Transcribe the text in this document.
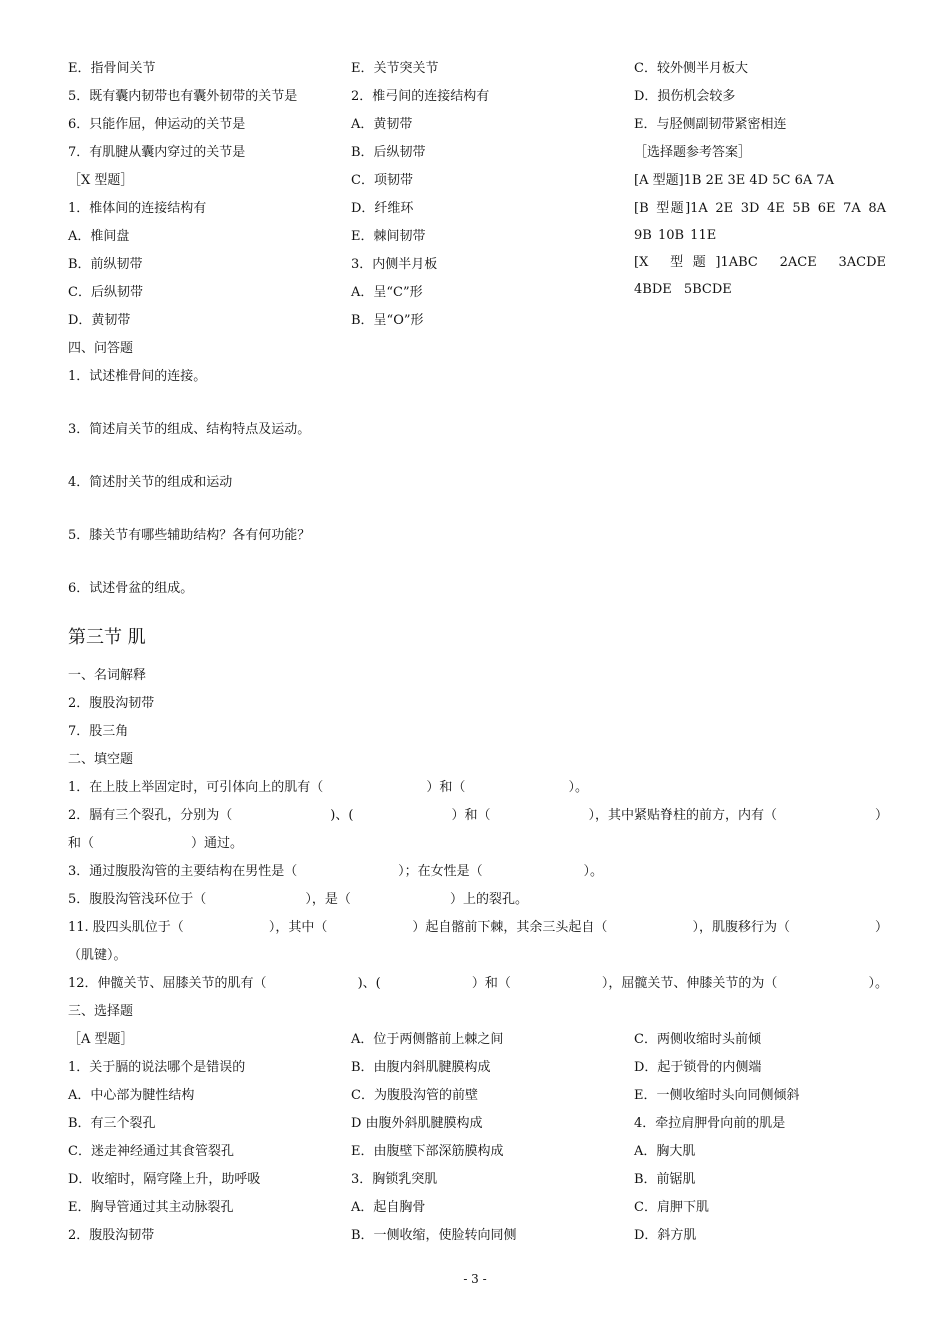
E．指骨间关节
5．既有囊内韧带也有囊外韧带的关节是
6．只能作屈，伸运动的关节是
7．有肌腱从囊内穿过的关节是
［X 型题］
1．椎体间的连接结构有
A．椎间盘
B．前纵韧带
C．后纵韧带
D．黄韧带
E．关节突关节
2．椎弓间的连接结构有
A．黄韧带
B．后纵韧带
C．项韧带
D．纤维环
E．棘间韧带
3．内侧半月板
A．呈“C”形
B．呈“O”形
C．较外侧半月板大
D．损伤机会较多
E．与胫侧副韧带紧密相连
［选择题参考答案］
[A 型题]1B 2E 3E 4D 5C 6A 7A
[B 型题]1A 2E 3D 4E 5B 6E 7A 8A 9B 10B 11E
[X 型题]1ABC 2ACE 3ACDE 4BDE 5BCDE
四、问答题
1．试述椎骨间的连接。
3．简述肩关节的组成、结构特点及运动。
4．简述肘关节的组成和运动
5．膝关节有哪些辅助结构？各有何功能？
6．试述骨盆的组成。
第三节 肌
一、名词解释
2．腹股沟韧带
7．股三角
二、填空题
1．在上肢上举固定时，可引体向上的肌有（	）和（	）。
2．膈有三个裂孔，分别为（	)、(	）和（	），其中紧贴脊柱的前方，内有（	）
和（	）通过。
3．通过腹股沟管的主要结构在男性是（	）；在女性是（	）。
5．腹股沟管浅环位于（	），是（	）上的裂孔。
11. 股四头肌位于（	），其中（	）起自髂前下棘，其余三头起自（	），肌腹移行为（	）
（肌键）。
12．伸髋关节、屈膝关节的肌有（	)、(	）和（	），屈髋关节、伸膝关节的为（	）。
三、选择题
［A 型题］
1．关于膈的说法哪个是错误的
A．中心部为腱性结构
B．有三个裂孔
C．迷走神经通过其食管裂孔
D．收缩时，隔穹隆上升，助呼吸
E．胸导管通过其主动脉裂孔
2．腹股沟韧带
A．位于两侧髂前上棘之间
B．由腹内斜肌腱膜构成
C．为腹股沟管的前壁
D 由腹外斜肌腱膜构成
E．由腹壁下部深筋膜构成
3．胸锁乳突肌
A．起自胸骨
B．一侧收缩，使脸转向同侧
C．两侧收缩时头前倾
D．起于锁骨的内侧端
E．一侧收缩时头向同侧倾斜
4．牵拉肩胛骨向前的肌是
A．胸大肌
B．前锯肌
C．肩胛下肌
D．斜方肌
- 3 -
